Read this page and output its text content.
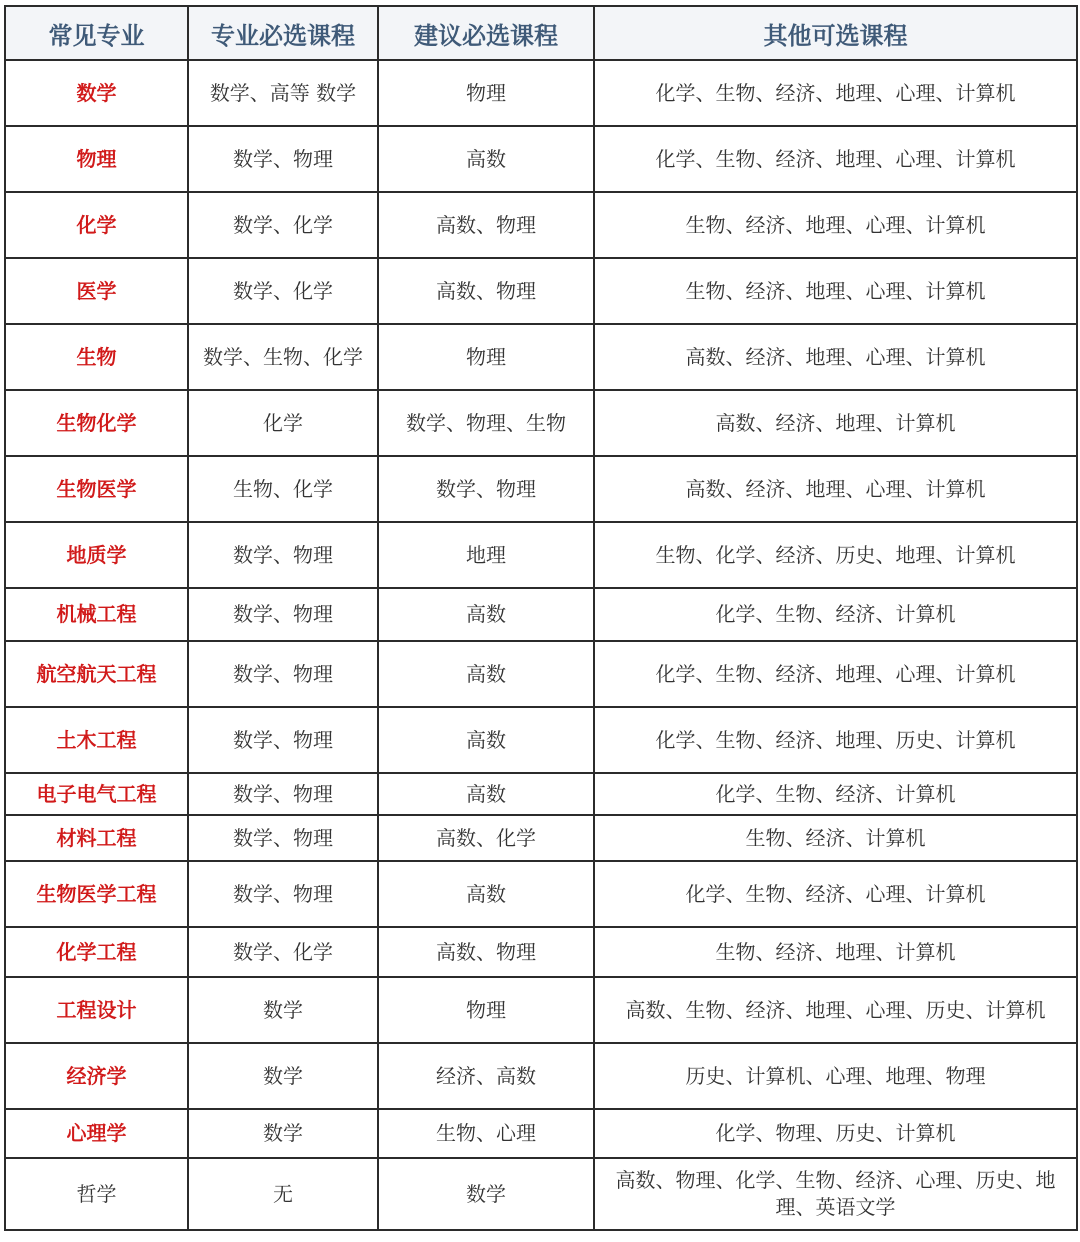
常见专业	专业必选课程	建议必选课程	其他可选课程
数学	数学、高等 数学	物理	化学、生物、经济、地理、心理、计算机
物理	数学、物理	高数	化学、生物、经济、地理、心理、计算机
化学	数学、化学	高数、物理	生物、经济、地理、心理、计算机
医学	数学、化学	高数、物理	生物、经济、地理、心理、计算机
生物	数学、生物、化学	物理	高数、经济、地理、心理、计算机
生物化学	化学	数学、物理、生物	高数、经济、地理、计算机
生物医学	生物、化学	数学、物理	高数、经济、地理、心理、计算机
地质学	数学、物理	地理	生物、化学、经济、历史、地理、计算机
机械工程	数学、物理	高数	化学、生物、经济、计算机
航空航天工程	数学、物理	高数	化学、生物、经济、地理、心理、计算机
土木工程	数学、物理	高数	化学、生物、经济、地理、历史、计算机
电子电气工程	数学、物理	高数	化学、生物、经济、计算机
材料工程	数学、物理	高数、化学	生物、经济、计算机
生物医学工程	数学、物理	高数	化学、生物、经济、心理、计算机
化学工程	数学、化学	高数、物理	生物、经济、地理、计算机
工程设计	数学	物理	高数、生物、经济、地理、心理、历史、计算机
经济学	数学	经济、高数	历史、计算机、心理、地理、物理
心理学	数学	生物、心理	化学、物理、历史、计算机
哲学	无	数学	高数、物理、化学、生物、经济、心理、历史、地理、英语文学
